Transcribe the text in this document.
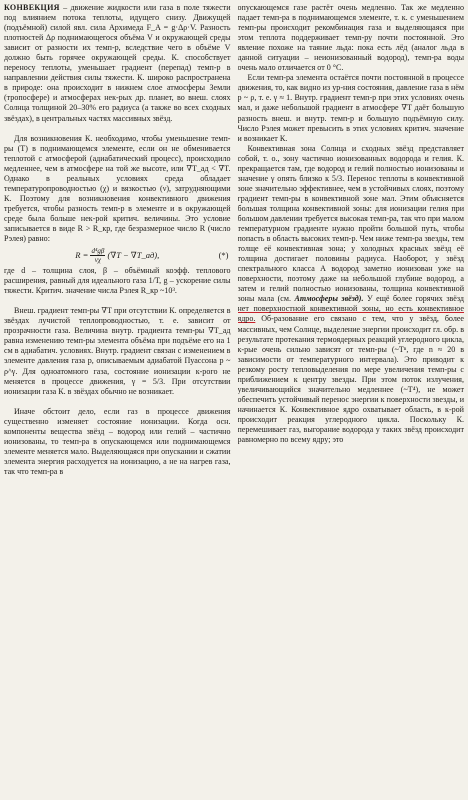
КОНВЕКЦИЯ – движение жидкости или газа в поле тяжести под влиянием потока теплоты, идущего снизу. Движущей (подъёмной) силой явл. сила Архимеда F_A = g·Δρ·V. Разность плотностей Δρ поднимающегося объёма V и окружающей среды зависит от разности их темп-р, вследствие чего в объёме V должно быть горячее окружающей среды. К. способствует переносу теплоты, уменьшает градиент (перепад) темп-р в направлении действия силы тяжести. К. широко распространена в природе: она происходит в нижнем слое атмосферы Земли (тропосфере) и атмосферах нек-рых др. планет, во внеш. слоях Солнца толщиной 20–30% его радиуса (а также во всех сходных звёздах), в центральных частях массивных звёзд.

Для возникновения К. необходимо, чтобы уменьшение темп-ры (T) в поднимающемся элементе, если он не обменивается теплотой с атмосферой (адиабатический процесс), происходило медленнее, чем в атмосфере на той же высоте, или ∇T_ад < ∇T. Однако в реальных условиях среда обладает температуропроводностью (χ) и вязкостью (ν), затрудняющими К. Поэтому для возникновения конвективного движения требуется, чтобы разность темп-р в элементе и в окружающей среде была больше нек-рой критич. величины. Это условие записывается в виде R > R_кр, где безразмерное число R (число Рэлея) равно:

R =
$\frac{\text{d⁴gβ}}{\nu\chi}$
(∇T − ∇T_ад),	(*)

где d – толщина слоя, β – объёмный коэфф. теплового расширения, равный для идеального газа 1/T, g – ускорение силы тяжести. Критич. значение числа Рэлея R_кр ~10³.

Внеш. градиент темп-ры ∇T при отсутствии К. определяется в звёздах лучистой теплопроводностью, т. е. зависит от прозрачности газа. Величина внутр. градиента темп-ры ∇T_ад равна изменению темп-ры элемента объёма при подъёме его на 1 см в адиабатич. условиях. Внутр. градиент связан с изменением в элементе давления газа p, описываемым адиабатой Пуассона p ~ ρ^γ. Для одноатомного газа, состояние ионизации к-рого не меняется в процессе движения, γ = 5/3. При отсутствии ионизации газа К. в звёздах обычно не возникает.

Иначе обстоит дело, если газ в процессе движения существенно изменяет состояние ионизации. Когда осн. компоненты вещества звёзд – водород или гелий – частично ионизованы, то темп-ра в опускающемся или поднимающемся элементе меняется мало. Выделяющаяся при опускании и сжатии элемента энергия расходуется на ионизацию, а не на нагрев газа, так что темп-ра в

опускающемся газе растёт очень медленно. Так же медленно падает темп-ра в поднимающемся элементе, т. к. с уменьшением темп-ры происходит рекомбинация газа и выделяющаяся при этом теплота поддерживает темп-ру почти постоянной. Это явление похоже на таяние льда: пока есть лёд (аналог льда в данной ситуации – неионизованный водород), темп-ра воды очень мало отличается от 0 °С.

Если темп-ра элемента остаётся почти постоянной в процессе движения, то, как видно из ур-ния состояния, давление газа в нём p ~ ρ, т. е. γ ≈ 1. Внутр. градиент темп-р при этих условиях очень мал, и даже небольшой градиент в атмосфере ∇T даёт большую разность внеш. и внутр. темп-р и большую подъёмную силу. Число Рэлея может превысить в этих условиях критич. значение и возникает К.

Конвективная зона Солнца и сходных звёзд представляет собой, т. о., зону частично ионизованных водорода и гелия. К. прекращается там, где водород и гелий полностью ионизованы и значение γ опять близко к 5/3. Перенос теплоты в конвективной зоне значительно эффективнее, чем в устойчивых слоях, поэтому градиент темп-ры в конвективной зоне мал. Этим объясняется большая толщина конвективной зоны: для ионизации гелия при большом давлении требуется высокая темп-ра, так что при малом температурном градиенте нужно пройти большой путь, чтобы попасть в область высоких темп-р. Чем ниже темп-ра звезды, тем толще её конвективная зона; у холодных красных звёзд её толщина достигает половины радиуса. Наоборот, у звёзд спектрального класса А водород заметно ионизован уже на поверхности, поэтому даже на небольшой глубине водород, а затем и гелий полностью ионизованы, толщина конвективной зоны мала (см. Атмосферы звёзд). У ещё более горячих звёзд нет поверхностной конвективной зоны, но есть конвективное ядро. Об-разование его связано с тем, что у звёзд, более массивных, чем Солнце, выделение энергии происходит гл. обр. в результате протекания термоядерных реакций углеродного цикла, к-рые очень сильно зависят от темп-ры (~Tⁿ, где n ≈ 20 в зависимости от температурного интервала). Это приводит к резкому росту тепловыделения по мере увеличения темп-ры с приближением к центру звезды. При этом поток излучения, увеличивающийся значительно медленнее (~T⁴), не может обеспечить устойчивый перенос энергии к поверхности звезды, и начинается К. Конвективное ядро охватывает область, в к-рой происходит реакция углеродного цикла. Поскольку К. перемешивает газ, выгорание водорода у таких звёзд происходит равномерно по всему ядру; это
